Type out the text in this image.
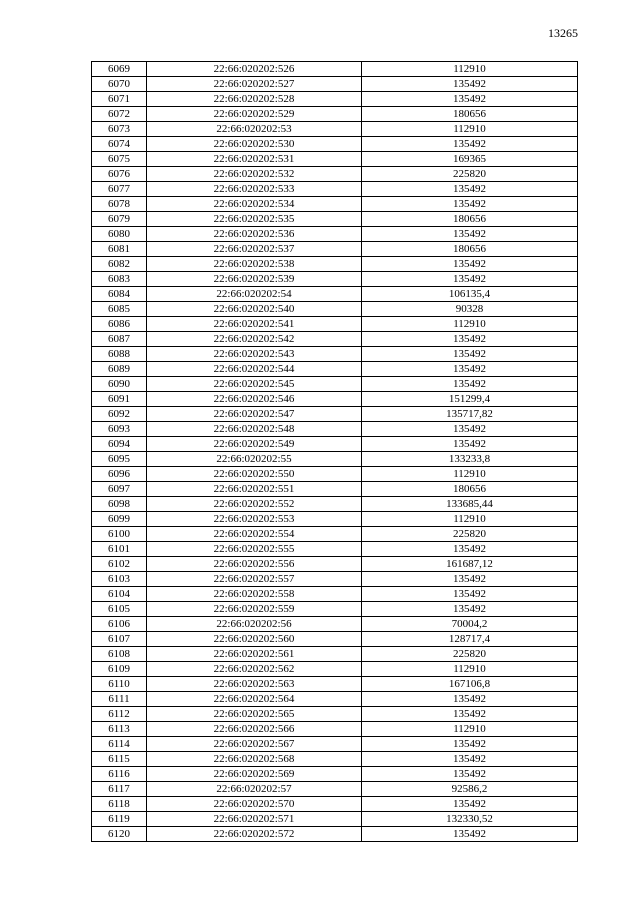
13265
6069	22:66:020202:526	112910
6070	22:66:020202:527	135492
6071	22:66:020202:528	135492
6072	22:66:020202:529	180656
6073	22:66:020202:53	112910
6074	22:66:020202:530	135492
6075	22:66:020202:531	169365
6076	22:66:020202:532	225820
6077	22:66:020202:533	135492
6078	22:66:020202:534	135492
6079	22:66:020202:535	180656
6080	22:66:020202:536	135492
6081	22:66:020202:537	180656
6082	22:66:020202:538	135492
6083	22:66:020202:539	135492
6084	22:66:020202:54	106135,4
6085	22:66:020202:540	90328
6086	22:66:020202:541	112910
6087	22:66:020202:542	135492
6088	22:66:020202:543	135492
6089	22:66:020202:544	135492
6090	22:66:020202:545	135492
6091	22:66:020202:546	151299,4
6092	22:66:020202:547	135717,82
6093	22:66:020202:548	135492
6094	22:66:020202:549	135492
6095	22:66:020202:55	133233,8
6096	22:66:020202:550	112910
6097	22:66:020202:551	180656
6098	22:66:020202:552	133685,44
6099	22:66:020202:553	112910
6100	22:66:020202:554	225820
6101	22:66:020202:555	135492
6102	22:66:020202:556	161687,12
6103	22:66:020202:557	135492
6104	22:66:020202:558	135492
6105	22:66:020202:559	135492
6106	22:66:020202:56	70004,2
6107	22:66:020202:560	128717,4
6108	22:66:020202:561	225820
6109	22:66:020202:562	112910
6110	22:66:020202:563	167106,8
6111	22:66:020202:564	135492
6112	22:66:020202:565	135492
6113	22:66:020202:566	112910
6114	22:66:020202:567	135492
6115	22:66:020202:568	135492
6116	22:66:020202:569	135492
6117	22:66:020202:57	92586,2
6118	22:66:020202:570	135492
6119	22:66:020202:571	132330,52
6120	22:66:020202:572	135492
